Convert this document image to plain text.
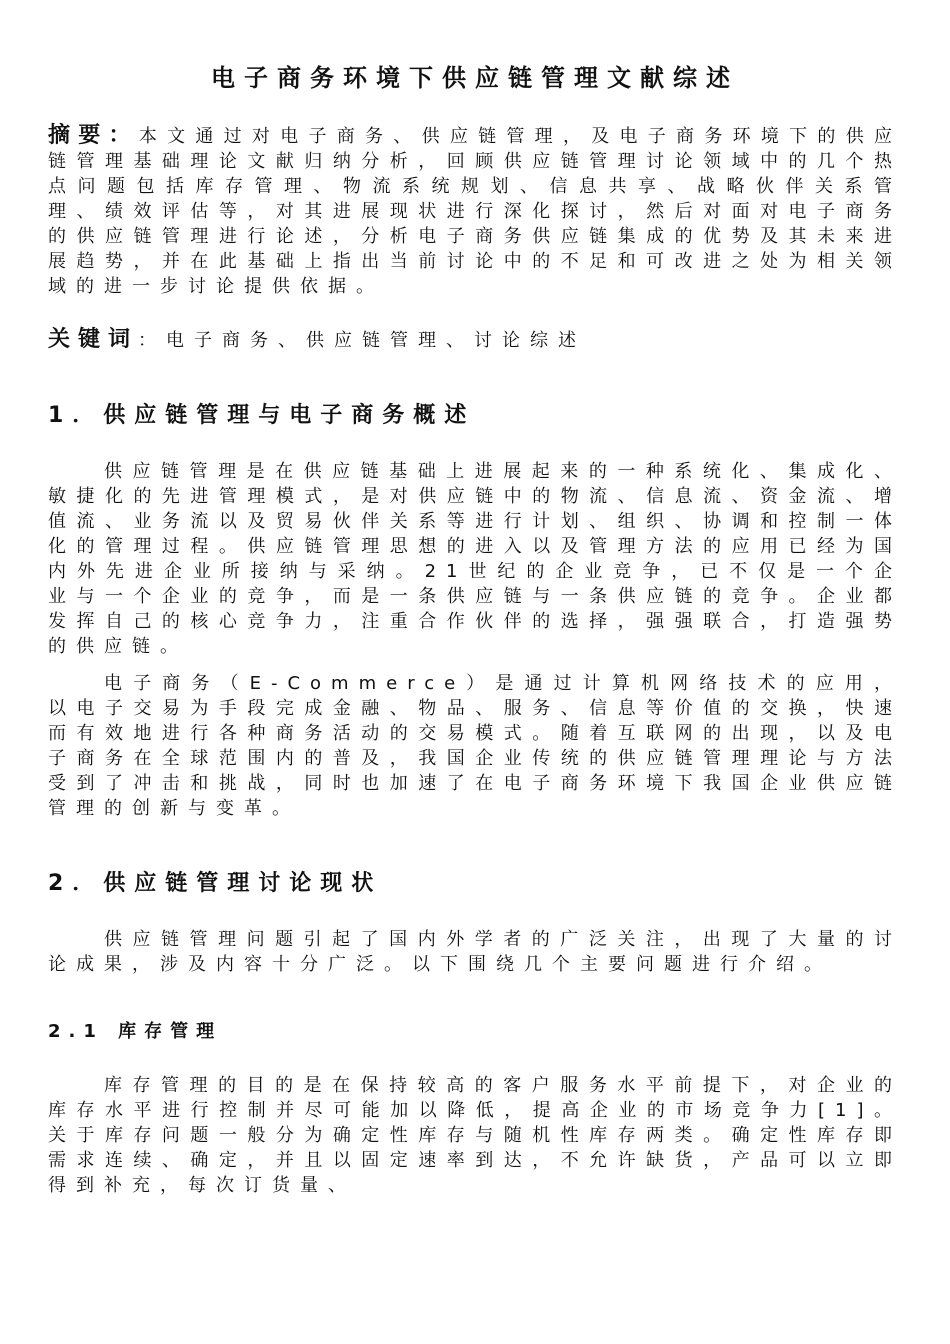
电子商务环境下供应链管理文献综述

摘要：本文通过对电子商务、供应链管理，及电子商务环境下的供应链管理基础理论文献归纳分析，回顾供应链管理讨论领域中的几个热点问题包括库存管理、物流系统规划、信息共享、战略伙伴关系管理、绩效评估等，对其进展现状进行深化探讨，然后对面对电子商务的供应链管理进行论述，分析电子商务供应链集成的优势及其未来进展趋势，并在此基础上指出当前讨论中的不足和可改进之处为相关领域的进一步讨论提供依据。

关键词：电子商务、供应链管理、讨论综述

1．供应链管理与电子商务概述

供应链管理是在供应链基础上进展起来的一种系统化、集成化、敏捷化的先进管理模式，是对供应链中的物流、信息流、资金流、增值流、业务流以及贸易伙伴关系等进行计划、组织、协调和控制一体化的管理过程。供应链管理思想的进入以及管理方法的应用已经为国内外先进企业所接纳与采纳。21世纪的企业竞争，已不仅是一个企业与一个企业的竞争，而是一条供应链与一条供应链的竞争。企业都发挥自己的核心竞争力，注重合作伙伴的选择，强强联合，打造强势的供应链。

电子商务（E-Commerce）是通过计算机网络技术的应用，以电子交易为手段完成金融、物品、服务、信息等价值的交换，快速而有效地进行各种商务活动的交易模式。随着互联网的出现，以及电子商务在全球范围内的普及，我国企业传统的供应链管理理论与方法受到了冲击和挑战，同时也加速了在电子商务环境下我国企业供应链管理的创新与变革。

2．供应链管理讨论现状

供应链管理问题引起了国内外学者的广泛关注，出现了大量的讨论成果，涉及内容十分广泛。以下围绕几个主要问题进行介绍。

2.1 库存管理

库存管理的目的是在保持较高的客户服务水平前提下，对企业的库存水平进行控制并尽可能加以降低，提高企业的市场竞争力[1]。关于库存问题一般分为确定性库存与随机性库存两类。确定性库存即需求连续、确定，并且以固定速率到达，不允许缺货，产品可以立即得到补充，每次订货量、
